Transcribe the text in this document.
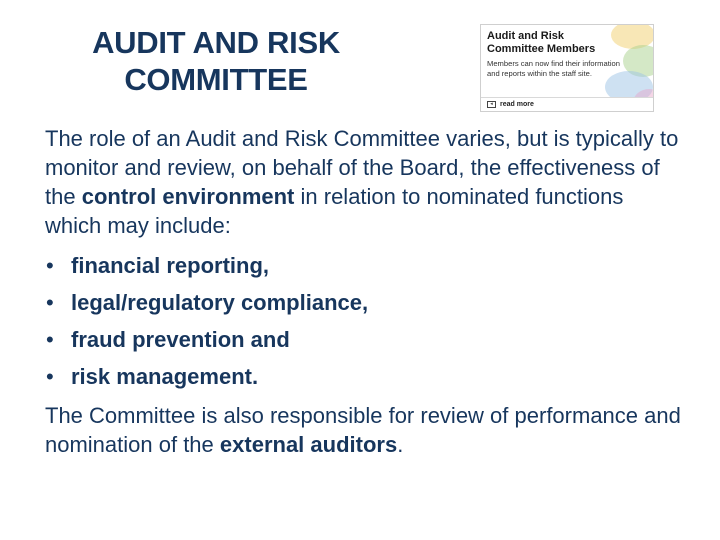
AUDIT AND RISK
COMMITTEE
Audit and Risk
Committee Members
Members can now find their information and reports within the staff site.
◂	read more

The role of an Audit and Risk Committee varies, but is typically to monitor and review, on behalf of the Board, the effectiveness of the control environment in relation to nominated functions which may include:

• financial reporting,
• legal/regulatory compliance,
• fraud prevention and
• risk management.

The Committee is also responsible for review of performance and nomination of the external auditors.
